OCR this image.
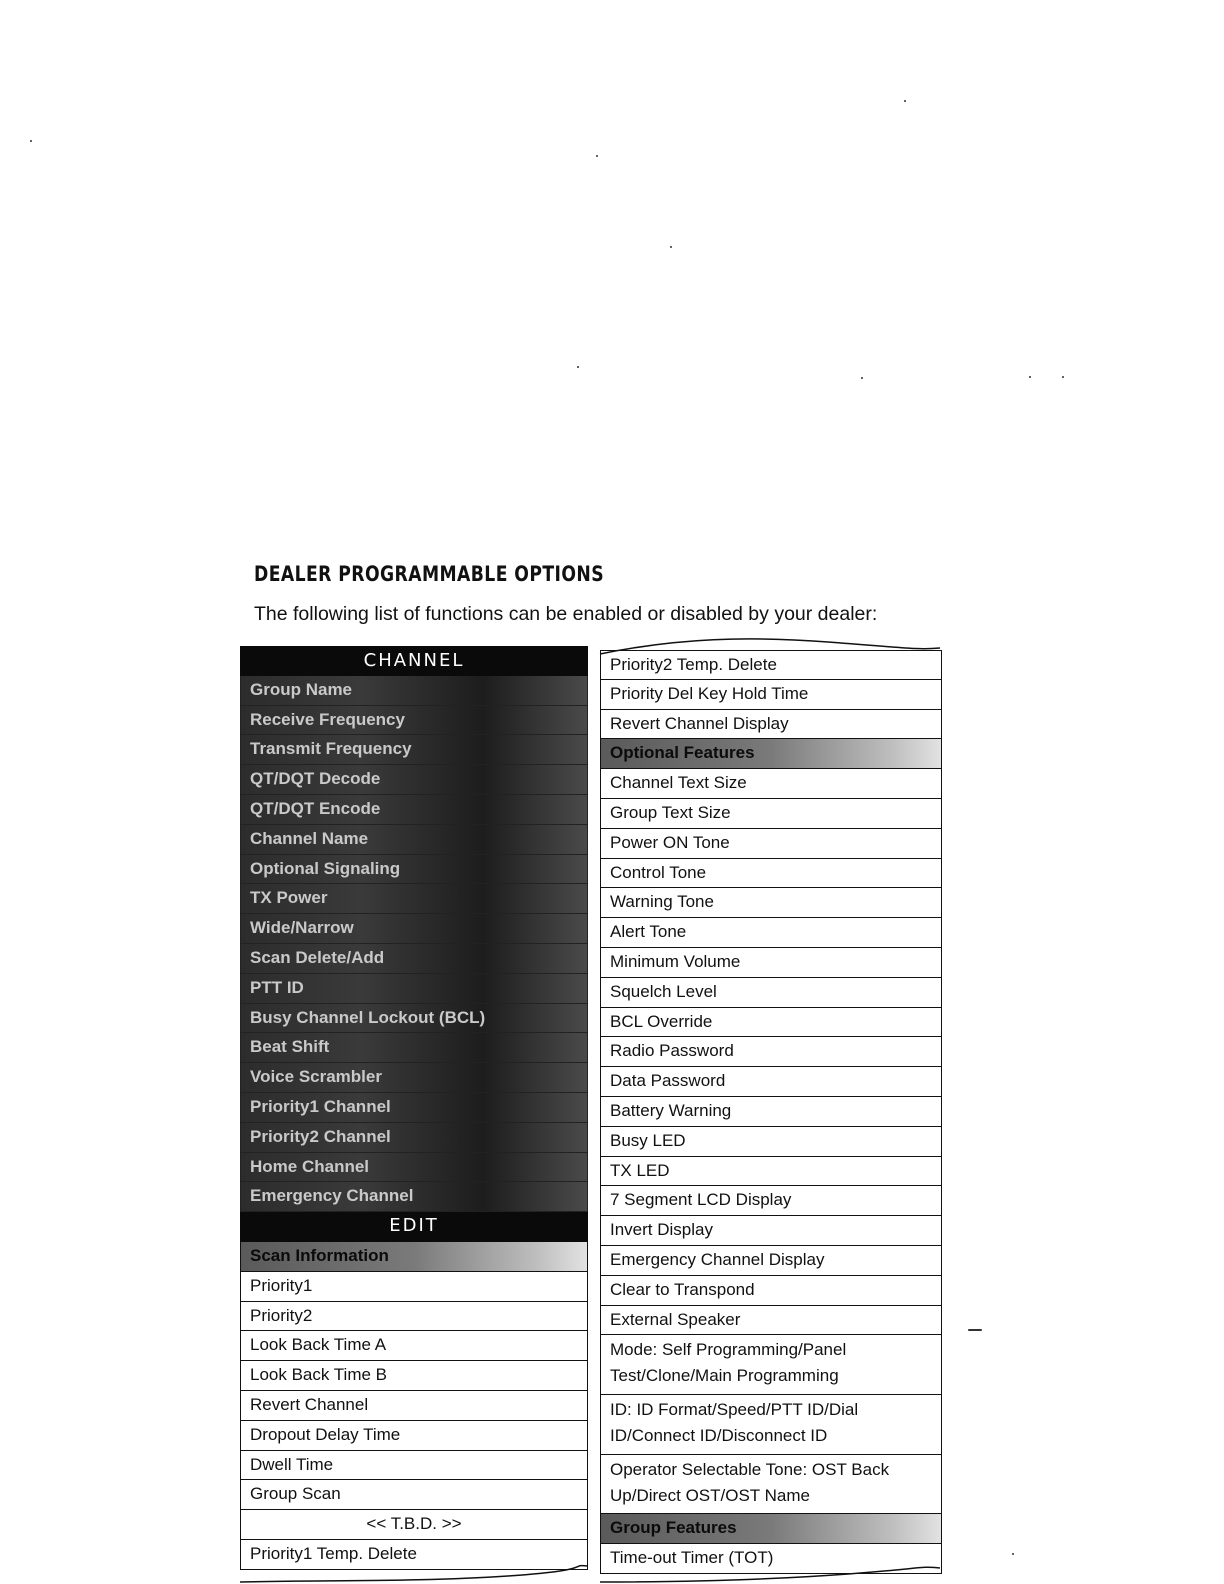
DEALER PROGRAMMABLE OPTIONS
The following list of functions can be enabled or disabled by your dealer:
CHANNEL
Group Name
Receive Frequency
Transmit Frequency
QT/DQT Decode
QT/DQT Encode
Channel Name
Optional Signaling
TX Power
Wide/Narrow
Scan Delete/Add
PTT ID
Busy Channel Lockout (BCL)
Beat Shift
Voice Scrambler
Priority1 Channel
Priority2 Channel
Home Channel
Emergency Channel
EDIT
Scan Information
Priority1
Priority2
Look Back Time A
Look Back Time B
Revert Channel
Dropout Delay Time
Dwell Time
Group Scan
<< T.B.D. >>
Priority1 Temp. Delete
Priority2 Temp. Delete
Priority Del Key Hold Time
Revert Channel Display
Optional Features
Channel Text Size
Group Text Size
Power ON Tone
Control Tone
Warning Tone
Alert Tone
Minimum Volume
Squelch Level
BCL Override
Radio Password
Data Password
Battery Warning
Busy LED
TX LED
7 Segment LCD Display
Invert Display
Emergency Channel Display
Clear to Transpond
External Speaker
Mode: Self Programming/Panel Test/Clone/Main Programming
ID: ID Format/Speed/PTT ID/Dial ID/Connect ID/Disconnect ID
Operator Selectable Tone: OST Back Up/Direct OST/OST Name
Group Features
Time-out Timer (TOT)
